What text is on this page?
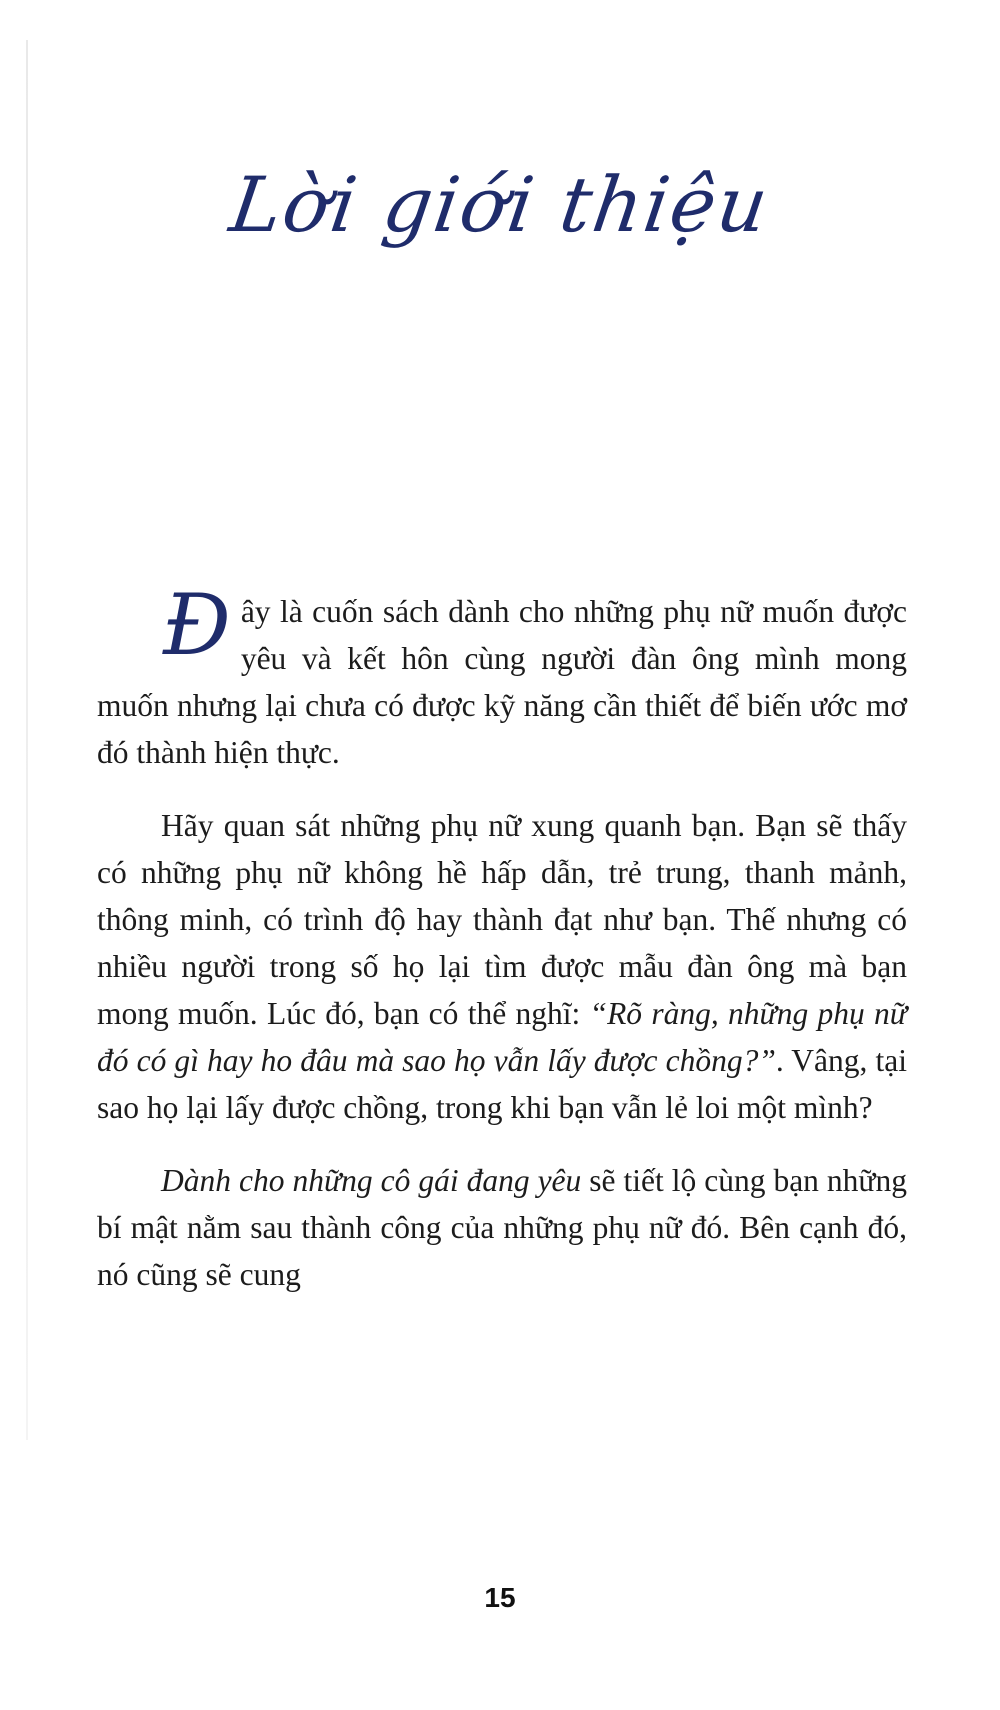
Lời giới thiệu

Đây là cuốn sách dành cho những phụ nữ muốn được yêu và kết hôn cùng người đàn ông mình mong muốn nhưng lại chưa có được kỹ năng cần thiết để biến ước mơ đó thành hiện thực.

Hãy quan sát những phụ nữ xung quanh bạn. Bạn sẽ thấy có những phụ nữ không hề hấp dẫn, trẻ trung, thanh mảnh, thông minh, có trình độ hay thành đạt như bạn. Thế nhưng có nhiều người trong số họ lại tìm được mẫu đàn ông mà bạn mong muốn. Lúc đó, bạn có thể nghĩ: “Rõ ràng, những phụ nữ đó có gì hay ho đâu mà sao họ vẫn lấy được chồng?”. Vâng, tại sao họ lại lấy được chồng, trong khi bạn vẫn lẻ loi một mình?

Dành cho những cô gái đang yêu sẽ tiết lộ cùng bạn những bí mật nằm sau thành công của những phụ nữ đó. Bên cạnh đó, nó cũng sẽ cung

15
